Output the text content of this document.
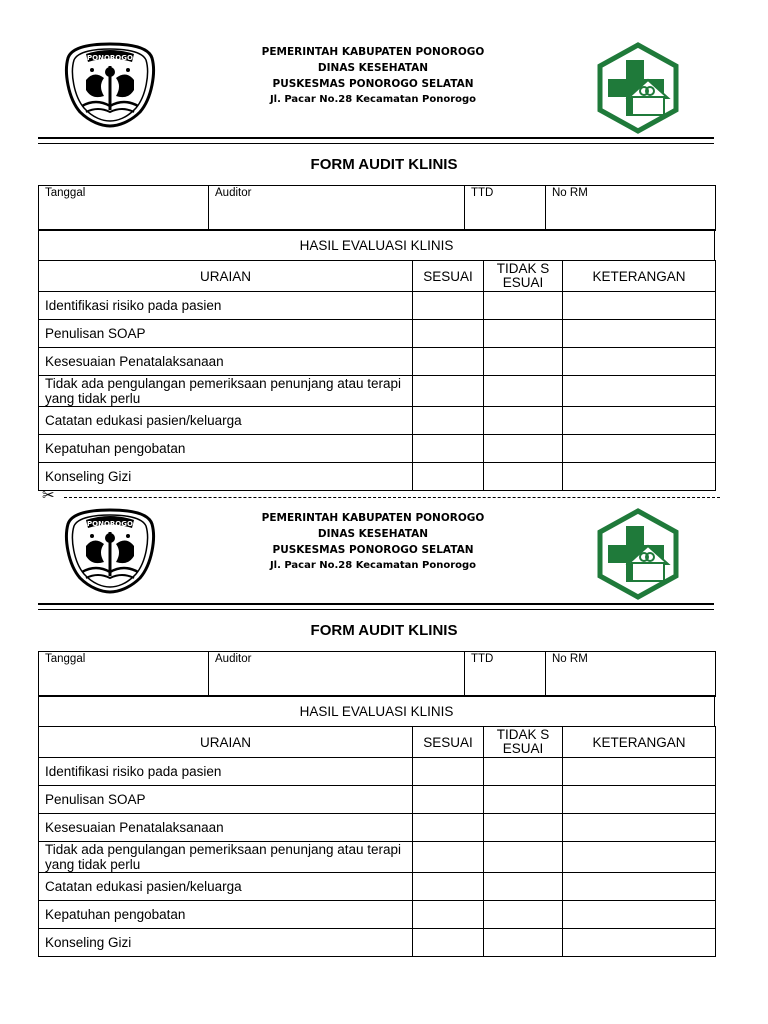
PONOROGO	PEMERINTAH KABUPATEN PONOROGO
DINAS KESEHATAN
PUSKESMAS PONOROGO SELATAN
Jl. Pacar No.28 Kecamatan Ponorogo
FORM AUDIT KLINIS
Tanggal	Auditor	TTD	No RM
HASIL EVALUASI KLINIS
URAIAN	SESUAI	TIDAK S ESUAI	KETERANGAN
Identifikasi risiko pada pasien			
Penulisan SOAP			
Kesesuaian Penatalaksanaan			
Tidak ada pengulangan pemeriksaan penunjang atau terapi yang tidak perlu			
Catatan edukasi pasien/keluarga			
Kepatuhan pengobatan			
Konseling Gizi			
✂
PONOROGO	PEMERINTAH KABUPATEN PONOROGO
DINAS KESEHATAN
PUSKESMAS PONOROGO SELATAN
Jl. Pacar No.28 Kecamatan Ponorogo
FORM AUDIT KLINIS
Tanggal	Auditor	TTD	No RM
HASIL EVALUASI KLINIS
URAIAN	SESUAI	TIDAK S ESUAI	KETERANGAN
Identifikasi risiko pada pasien			
Penulisan SOAP			
Kesesuaian Penatalaksanaan			
Tidak ada pengulangan pemeriksaan penunjang atau terapi yang tidak perlu			
Catatan edukasi pasien/keluarga			
Kepatuhan pengobatan			
Konseling Gizi			
